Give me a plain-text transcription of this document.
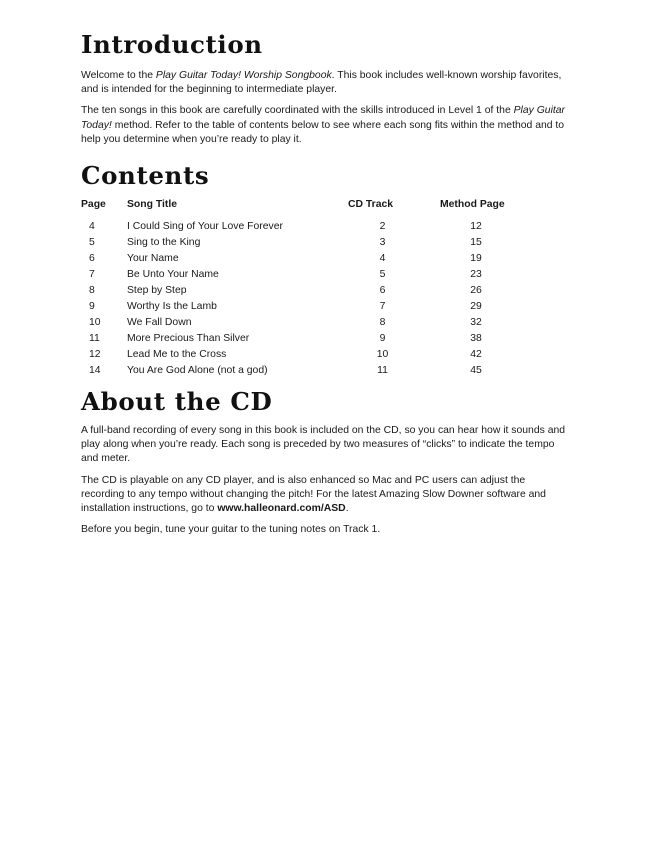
Introduction

Welcome to the Play Guitar Today! Worship Songbook. This book includes well-known worship favorites, and is intended for the beginning to intermediate player.

The ten songs in this book are carefully coordinated with the skills introduced in Level 1 of the Play Guitar Today! method. Refer to the table of contents below to see where each song fits within the method and to help you determine when you’re ready to play it.

Contents
Page	Song Title	CD Track	Method Page

4	I Could Sing of Your Love Forever	2	12
5	Sing to the King	3	15
6	Your Name	4	19
7	Be Unto Your Name	5	23
8	Step by Step	6	26
9	Worthy Is the Lamb	7	29
10	We Fall Down	8	32
11	More Precious Than Silver	9	38
12	Lead Me to the Cross	10	42
14	You Are God Alone (not a god)	11	45
About the CD

A full-band recording of every song in this book is included on the CD, so you can hear how it sounds and play along when you’re ready. Each song is preceded by two measures of “clicks” to indicate the tempo and meter.

The CD is playable on any CD player, and is also enhanced so Mac and PC users can adjust the recording to any tempo without changing the pitch! For the latest Amazing Slow Downer software and installation instructions, go to www.halleonard.com/ASD.

Before you begin, tune your guitar to the tuning notes on Track 1.
